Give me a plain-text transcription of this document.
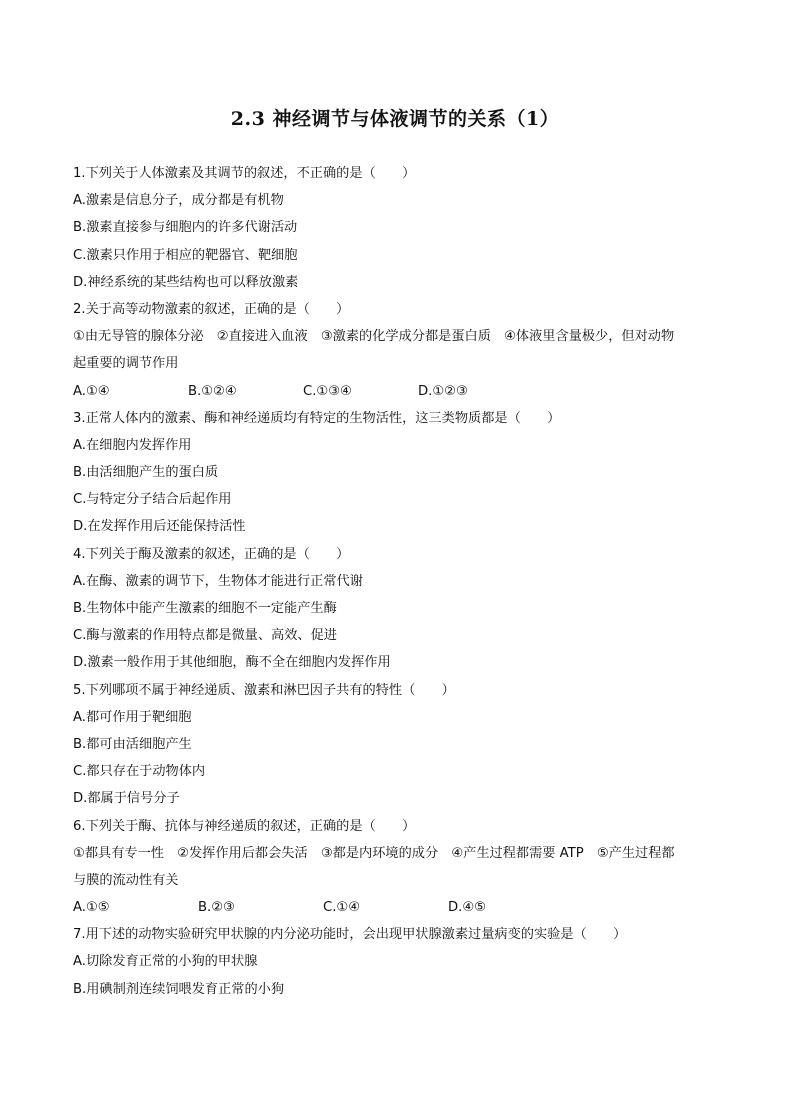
2.3 神经调节与体液调节的关系（1）
1.下列关于人体激素及其调节的叙述，不正确的是（　　）
A.激素是信息分子，成分都是有机物
B.激素直接参与细胞内的许多代谢活动
C.激素只作用于相应的靶器官、靶细胞
D.神经系统的某些结构也可以释放激素
2.关于高等动物激素的叙述，正确的是（　　）
①由无导管的腺体分泌　②直接进入血液　③激素的化学成分都是蛋白质　④体液里含量极少，但对动物
起重要的调节作用
A.①④	B.①②④	C.①③④	D.①②③
3.正常人体内的激素、酶和神经递质均有特定的生物活性，这三类物质都是（　　）
A.在细胞内发挥作用
B.由活细胞产生的蛋白质
C.与特定分子结合后起作用
D.在发挥作用后还能保持活性
4.下列关于酶及激素的叙述，正确的是（　　）
A.在酶、激素的调节下，生物体才能进行正常代谢
B.生物体中能产生激素的细胞不一定能产生酶
C.酶与激素的作用特点都是微量、高效、促进
D.激素一般作用于其他细胞，酶不全在细胞内发挥作用
5.下列哪项不属于神经递质、激素和淋巴因子共有的特性（　　）
A.都可作用于靶细胞
B.都可由活细胞产生
C.都只存在于动物体内
D.都属于信号分子
6.下列关于酶、抗体与神经递质的叙述，正确的是（　　）
①都具有专一性　②发挥作用后都会失活　③都是内环境的成分　④产生过程都需要 ATP　⑤产生过程都
与膜的流动性有关
A.①⑤	B.②③	C.①④	D.④⑤
7.用下述的动物实验研究甲状腺的内分泌功能时，会出现甲状腺激素过量病变的实验是（　　）
A.切除发育正常的小狗的甲状腺
B.用碘制剂连续饲喂发育正常的小狗
